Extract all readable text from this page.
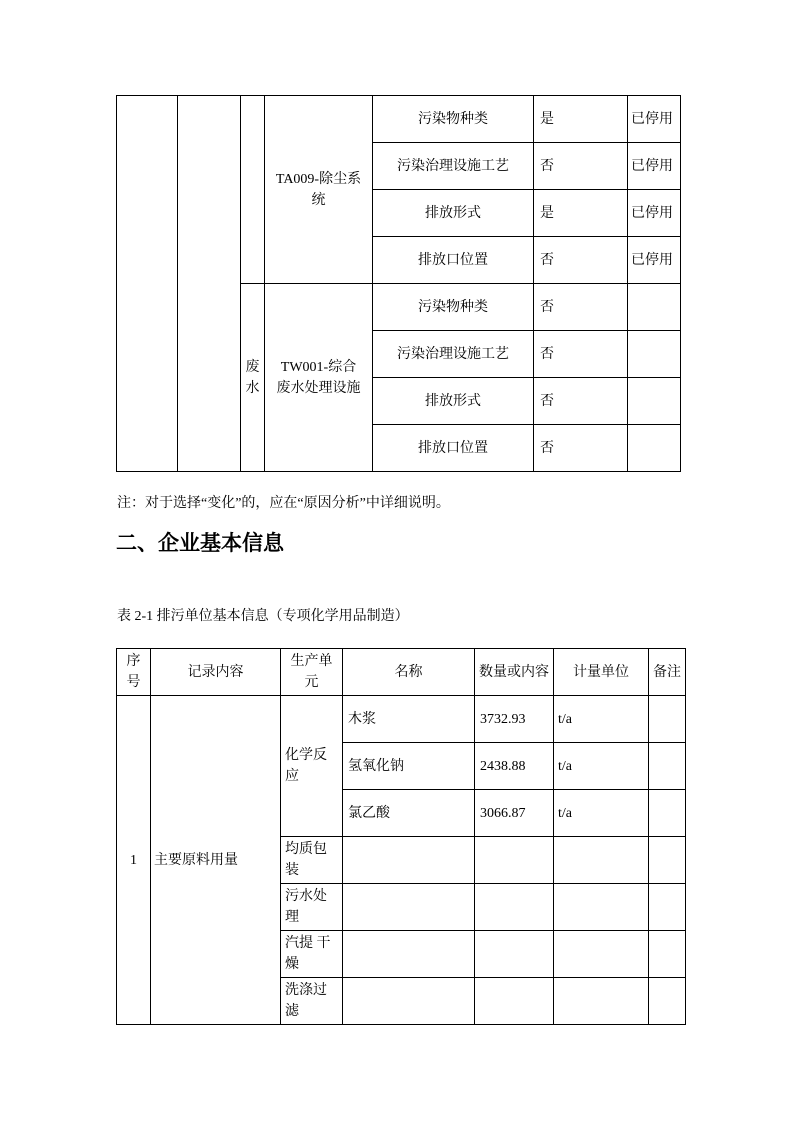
			TA009-除尘系统	污染物种类	是	已停用
				污染治理设施工艺	否	已停用
				排放形式	是	已停用
				排放口位置	否	已停用
		废水	TW001-综合废水处理设施	污染物种类	否	
				污染治理设施工艺	否	
				排放形式	否	
				排放口位置	否	
注：对于选择“变化”的，应在“原因分析”中详细说明。
二、企业基本信息
表 2-1 排污单位基本信息（专项化学用品制造）
序号	记录内容	生产单元	名称	数量或内容	计量单位	备注
1	主要原料用量	化学反应	木浆	3732.93	t/a	
			氢氧化钠	2438.88	t/a	
			氯乙酸	3066.87	t/a	
		均质包装				
		污水处理				
		汽提 干燥				
		洗涤过滤				
